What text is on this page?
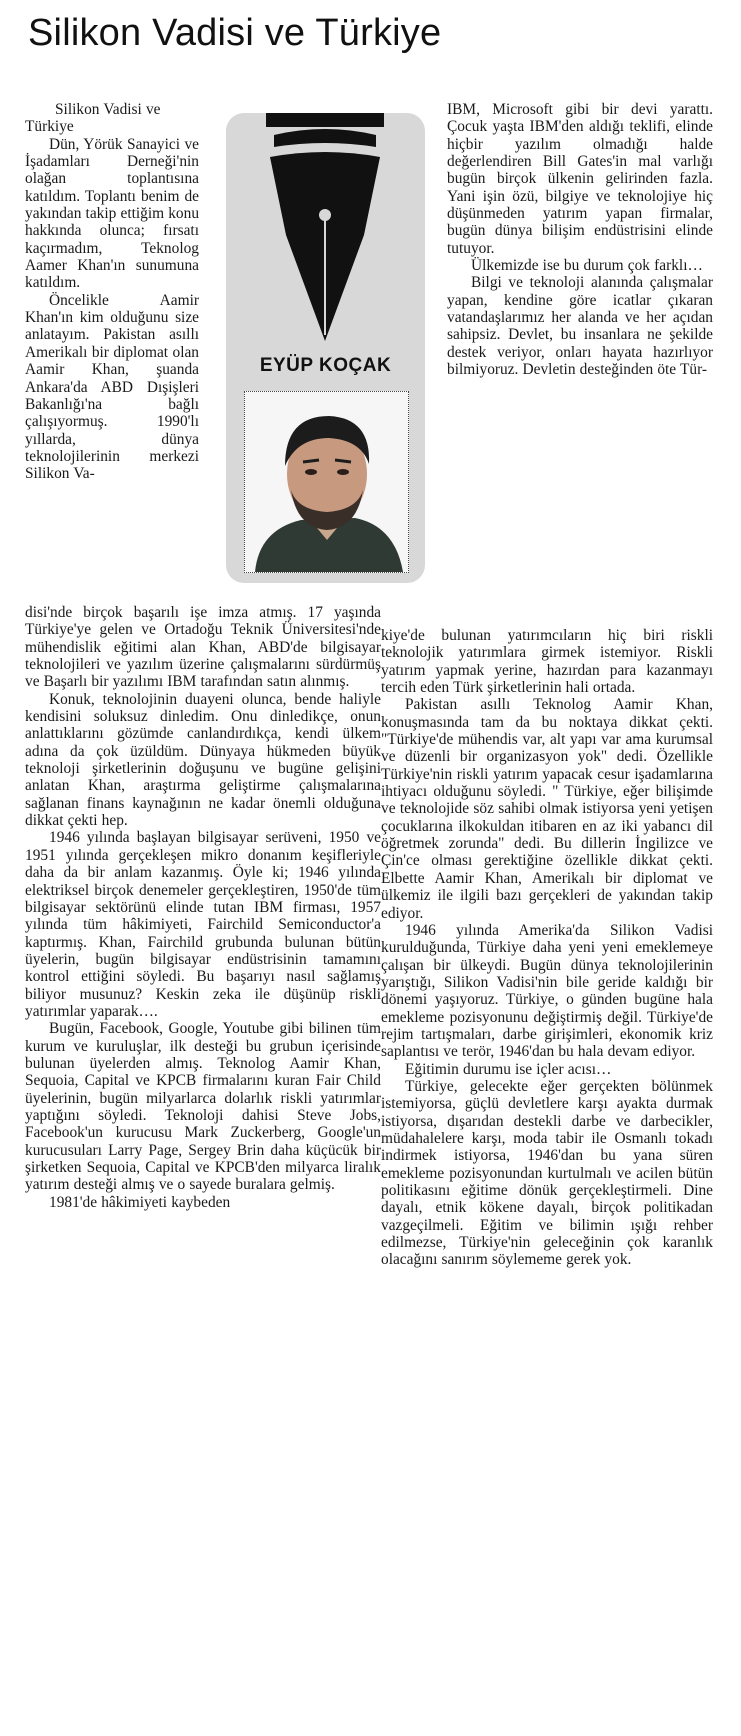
Silikon Vadisi ve Türkiye

Silikon Vadisi ve Türkiye

Dün, Yörük Sanayici ve İşadamları Derneği'nin olağan toplantısına katıldım. Toplantı benim de yakından takip ettiğim konu hakkında olunca; fırsatı kaçırmadım, Teknolog Aamer Khan'ın sunumuna katıldım.

Öncelikle Aamir Khan'ın kim olduğunu size anlatayım. Pakistan asıllı Amerikalı bir diplomat olan Aamir Khan, şuanda Ankara'da ABD Dışişleri Bakanlığı'na bağlı çalışıyormuş. 1990'lı yıllarda, dünya teknolojilerinin merkezi Silikon Va-

EYÜP KOÇAK

IBM, Microsoft gibi bir devi yarattı. Çocuk yaşta IBM'den aldığı teklifi, elinde hiçbir yazılım olmadığı halde değerlendiren Bill Gates'in mal varlığı bugün birçok ülkenin gelirinden fazla. Yani işin özü, bilgiye ve teknolojiye hiç düşünmeden yatırım yapan firmalar, bugün dünya bilişim endüstrisini elinde tutuyor.

Ülkemizde ise bu durum çok farklı…

Bilgi ve teknoloji alanında çalışmalar yapan, kendine göre icatlar çıkaran vatandaşlarımız her alanda ve her açıdan sahipsiz. Devlet, bu insanlara ne şekilde destek veriyor, onları hayata hazırlıyor bilmiyoruz. Devletin desteğinden öte Tür-

disi'nde birçok başarılı işe imza atmış. 17 yaşında Türkiye'ye gelen ve Ortadoğu Teknik Üniversitesi'nde mühendislik eğitimi alan Khan, ABD'de bilgisayar teknolojileri ve yazılım üzerine çalışmalarını sürdürmüş ve Başarlı bir yazılımı IBM tarafından satın alınmış.

Konuk, teknolojinin duayeni olunca, bende haliyle kendisini soluksuz dinledim. Onu dinledikçe, onun anlattıklarını gözümde canlandırdıkça, kendi ülkem adına da çok üzüldüm. Dünyaya hükmeden büyük teknoloji şirketlerinin doğuşunu ve bugüne gelişini anlatan Khan, araştırma geliştirme çalışmalarına sağlanan finans kaynağının ne kadar önemli olduğuna dikkat çekti hep.

1946 yılında başlayan bilgisayar serüveni, 1950 ve 1951 yılında gerçekleşen mikro donanım keşifleriyle daha da bir anlam kazanmış. Öyle ki; 1946 yılında elektriksel birçok denemeler gerçekleştiren, 1950'de tüm bilgisayar sektörünü elinde tutan IBM firması, 1957 yılında tüm hâkimiyeti, Fairchild Semiconductor'a kaptırmış. Khan, Fairchild grubunda bulunan bütün üyelerin, bugün bilgisayar endüstrisinin tamamını kontrol ettiğini söyledi. Bu başarıyı nasıl sağlamış biliyor musunuz? Keskin zeka ile düşünüp riskli yatırımlar yaparak….

Bugün, Facebook, Google, Youtube gibi bilinen tüm kurum ve kuruluşlar, ilk desteği bu grubun içerisinde bulunan üyelerden almış. Teknolog Aamir Khan, Sequoia, Capital ve KPCB firmalarını kuran Fair Child üyelerinin, bugün milyarlarca dolarlık riskli yatırımlar yaptığını söyledi. Teknoloji dahisi Steve Jobs, Facebook'un kurucusu Mark Zuckerberg, Google'un kurucusuları Larry Page, Sergey Brin daha küçücük bir şirketken Sequoia, Capital ve KPCB'den milyarca liralık yatırım desteği almış ve o sayede buralara gelmiş.

1981'de hâkimiyeti kaybeden

kiye'de bulunan yatırımcıların hiç biri riskli teknolojik yatırımlara girmek istemiyor. Riskli yatırım yapmak yerine, hazırdan para kazanmayı tercih eden Türk şirketlerinin hali ortada.

Pakistan asıllı Teknolog Aamir Khan, konuşmasında tam da bu noktaya dikkat çekti. "Türkiye'de mühendis var, alt yapı var ama kurumsal ve düzenli bir organizasyon yok" dedi. Özellikle Türkiye'nin riskli yatırım yapacak cesur işadamlarına ihtiyacı olduğunu söyledi. " Türkiye, eğer bilişimde ve teknolojide söz sahibi olmak istiyorsa yeni yetişen çocuklarına ilkokuldan itibaren en az iki yabancı dil öğretmek zorunda" dedi. Bu dillerin İngilizce ve Çin'ce olması gerektiğine özellikle dikkat çekti. Elbette Aamir Khan, Amerikalı bir diplomat ve ülkemiz ile ilgili bazı gerçekleri de yakından takip ediyor.

1946 yılında Amerika'da Silikon Vadisi kurulduğunda, Türkiye daha yeni yeni emeklemeye çalışan bir ülkeydi. Bugün dünya teknolojilerinin yarıştığı, Silikon Vadisi'nin bile geride kaldığı bir dönemi yaşıyoruz. Türkiye, o günden bugüne hala emekleme pozisyonunu değiştirmiş değil. Türkiye'de rejim tartışmaları, darbe girişimleri, ekonomik kriz saplantısı ve terör, 1946'dan bu hala devam ediyor.

Eğitimin durumu ise içler acısı…

Türkiye, gelecekte eğer gerçekten bölünmek istemiyorsa, güçlü devletlere karşı ayakta durmak istiyorsa, dışarıdan destekli darbe ve darbecikler, müdahalelere karşı, moda tabir ile Osmanlı tokadı indirmek istiyorsa, 1946'dan bu yana süren emekleme pozisyonundan kurtulmalı ve acilen bütün politikasını eğitime dönük gerçekleştirmeli. Dine dayalı, etnik kökene dayalı, birçok politikadan vazgeçilmeli. Eğitim ve bilimin ışığı rehber edilmezse, Türkiye'nin geleceğinin çok karanlık olacağını sanırım söylememe gerek yok.
